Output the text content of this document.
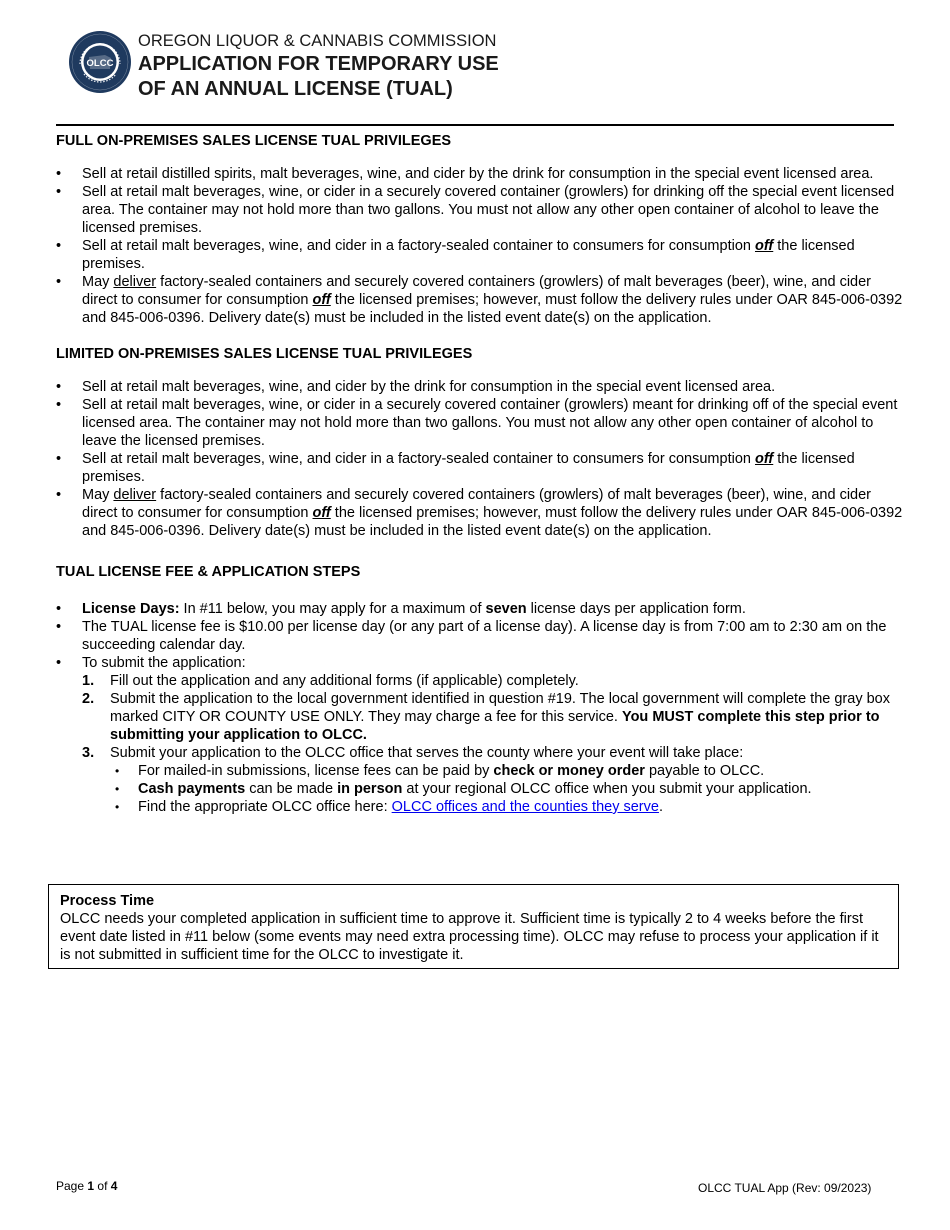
OLCC
OREGON LIQUOR & CANNABIS COMMISSION
APPLICATION FOR TEMPORARY USE
OF AN ANNUAL LICENSE (TUAL)

FULL ON-PREMISES SALES LICENSE TUAL PRIVILEGES

• Sell at retail distilled spirits, malt beverages, wine, and cider by the drink for consumption in the special event licensed area.
• Sell at retail malt beverages, wine, or cider in a securely covered container (growlers) for drinking off the special event licensed area. The container may not hold more than two gallons. You must not allow any other open container of alcohol to leave the licensed premises.
• Sell at retail malt beverages, wine, and cider in a factory-sealed container to consumers for consumption off the licensed premises.
• May deliver factory-sealed containers and securely covered containers (growlers) of malt beverages (beer), wine, and cider direct to consumer for consumption off the licensed premises; however, must follow the delivery rules under OAR 845-006-0392 and 845-006-0396. Delivery date(s) must be included in the listed event date(s) on the application.

LIMITED ON-PREMISES SALES LICENSE TUAL PRIVILEGES

• Sell at retail malt beverages, wine, and cider by the drink for consumption in the special event licensed area.
• Sell at retail malt beverages, wine, or cider in a securely covered container (growlers) meant for drinking off of the special event licensed area. The container may not hold more than two gallons. You must not allow any other open container of alcohol to leave the licensed premises.
• Sell at retail malt beverages, wine, and cider in a factory-sealed container to consumers for consumption off the licensed premises.
• May deliver factory-sealed containers and securely covered containers (growlers) of malt beverages (beer), wine, and cider direct to consumer for consumption off the licensed premises; however, must follow the delivery rules under OAR 845-006-0392 and 845-006-0396. Delivery date(s) must be included in the listed event date(s) on the application.

TUAL LICENSE FEE & APPLICATION STEPS

• License Days: In #11 below, you may apply for a maximum of seven license days per application form.
• The TUAL license fee is $10.00 per license day (or any part of a license day). A license day is from 7:00 am to 2:30 am on the succeeding calendar day.
• To submit the application:
1. Fill out the application and any additional forms (if applicable) completely.
2. Submit the application to the local government identified in question #19. The local government will complete the gray box marked CITY OR COUNTY USE ONLY. They may charge a fee for this service. You MUST complete this step prior to submitting your application to OLCC.
3. Submit your application to the OLCC office that serves the county where your event will take place:
• For mailed-in submissions, license fees can be paid by check or money order payable to OLCC.
• Cash payments can be made in person at your regional OLCC office when you submit your application.
• Find the appropriate OLCC office here: OLCC offices and the counties they serve.
Process Time
OLCC needs your completed application in sufficient time to approve it. Sufficient time is typically 2 to 4 weeks before the first event date listed in #11 below (some events may need extra processing time). OLCC may refuse to process your application if it is not submitted in sufficient time for the OLCC to investigate it.
Page 1 of 4	OLCC TUAL App (Rev: 09/2023)
